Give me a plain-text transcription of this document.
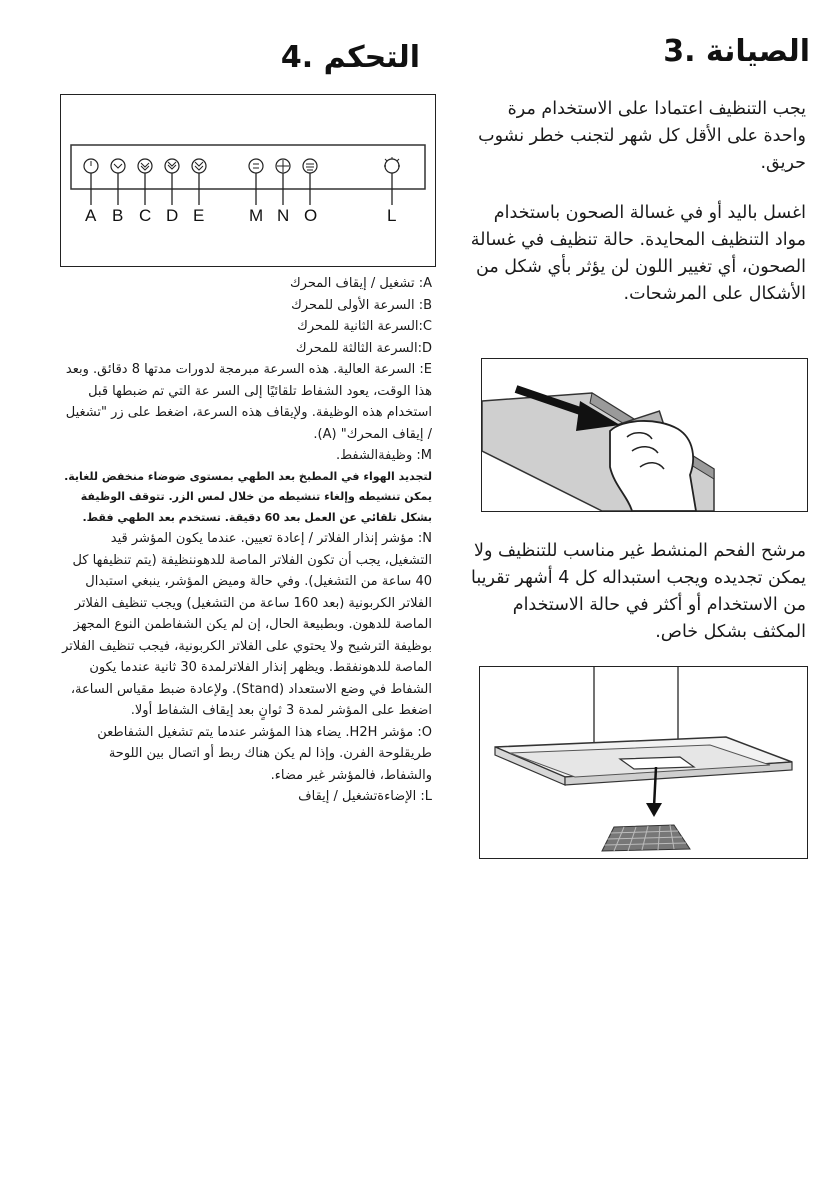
3. الصيانة

يجب التنظيف اعتمادا على الاستخدام مرة واحدة على الأقل كل شهر لتجنب خطر نشوب حريق.

اغسل باليد أو في غسالة الصحون باستخدام مواد التنظيف المحايدة. حالة تنظيف في غسالة الصحون، أي تغيير اللون لن يؤثر بأي شكل من الأشكال على المرشحات.

مرشح الفحم المنشط غير مناسب للتنظيف ولا يمكن تجديده ويجب استبداله كل 4 أشهر تقريبا من الاستخدام أو أكثر في حالة الاستخدام المكثف بشكل خاص.

4. التحكم
A B C D E	M N O	L

A: تشغيل / إيقاف المحرك

B: السرعة الأولى للمحرك

C:السرعة الثانية للمحرك

D:السرعة الثالثة للمحرك

E: السرعة العالية. هذه السرعة مبرمجة لدورات مدتها 8 دقائق. وبعد هذا الوقت، يعود الشفاط تلقائيًا إلى السر عة التي تم ضبطها قبل استخدام هذه الوظيفة. ولإيقاف هذه السرعة، اضغط على زر "تشغيل / إيقاف المحرك" (A).

M: وظيفةالشفط.

لتجديد الهواء في المطبخ بعد الطهي بمستوى ضوضاء منخفض للغاية. يمكن تنشيطه وإلغاء تنشيطه من خلال لمس الزر. تتوقف الوظيفة بشكل تلقائي عن العمل بعد 60 دقيقة. تستخدم بعد الطهي فقط.

N: مؤشر إنذار الفلاتر / إعادة تعيين. عندما يكون المؤشر قيد التشغيل، يجب أن تكون الفلاتر الماصة للدهوننظيفة (يتم تنظيفها كل 40 ساعة من التشغيل). وفي حالة وميض المؤشر، ينبغي استبدال الفلاتر الكربونية (بعد 160 ساعة من التشغيل) ويجب تنظيف الفلاتر الماصة للدهون. وبطبيعة الحال، إن لم يكن الشفاطمن النوع المجهز بوظيفة الترشيح ولا يحتوي على الفلاتر الكربونية، فيجب تنظيف الفلاتر الماصة للدهونفقط. ويظهر إنذار الفلاترلمدة 30 ثانية عندما يكون الشفاط في وضع الاستعداد (Stand). ولإعادة ضبط مقياس الساعة، اضغط على المؤشر لمدة 3 ثوانٍ بعد إيقاف الشفاط أولا.

O: مؤشر H2H. يضاء هذا المؤشر عندما يتم تشغيل الشفاطعن طريقلوحة الفرن. وإذا لم يكن هناك ربط أو اتصال بين اللوحة والشفاط، فالمؤشر غير مضاء.

L: الإضاءةتشغيل / إيقاف
